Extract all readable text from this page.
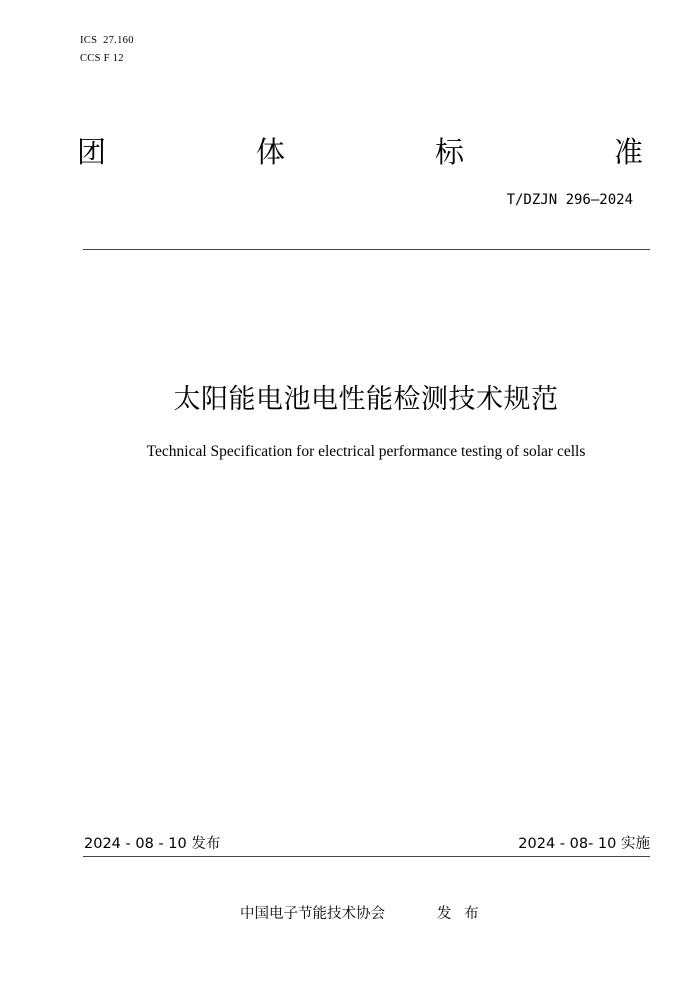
ICS  27.160

CCS F 12

团	体	标	准

T/DZJN 296—2024

太阳能电池电性能检测技术规范

Technical Specification for electrical performance testing of solar cells

2024 - 08 - 10 发布	2024 - 08- 10 实施

中国电子节能技术协会	发 布
